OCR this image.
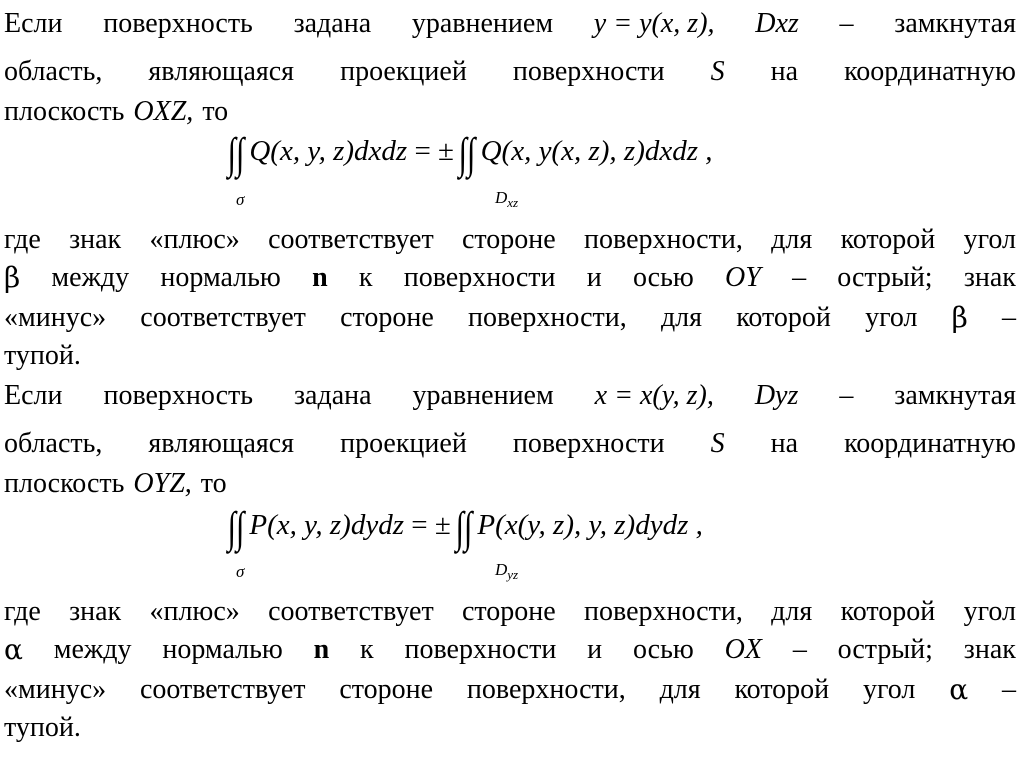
Если поверхность задана уравнением y = y(x, z), Dxz – замкнутая
область, являющаяся проекцией поверхности S на координатную
плоскость OXZ, то
∫∫ Q(x, y, z)dxdz = ± ∫∫ Q(x, y(x, z), z)dxdz ,
σ	$D_{xz}$
где знак «плюс» соответствует стороне поверхности, для которой угол
β между нормалью n к поверхности и осью OY – острый; знак
«минус» соответствует стороне поверхности, для которой угол β –
тупой.
Если поверхность задана уравнением x = x(y, z), Dyz – замкнутая
область, являющаяся проекцией поверхности S на координатную
плоскость OYZ, то
∫∫ P(x, y, z)dydz = ± ∫∫ P(x(y, z), y, z)dydz ,
σ	$D_{yz}$
где знак «плюс» соответствует стороне поверхности, для которой угол
α между нормалью n к поверхности и осью OX – острый; знак
«минус» соответствует стороне поверхности, для которой угол α –
тупой.
